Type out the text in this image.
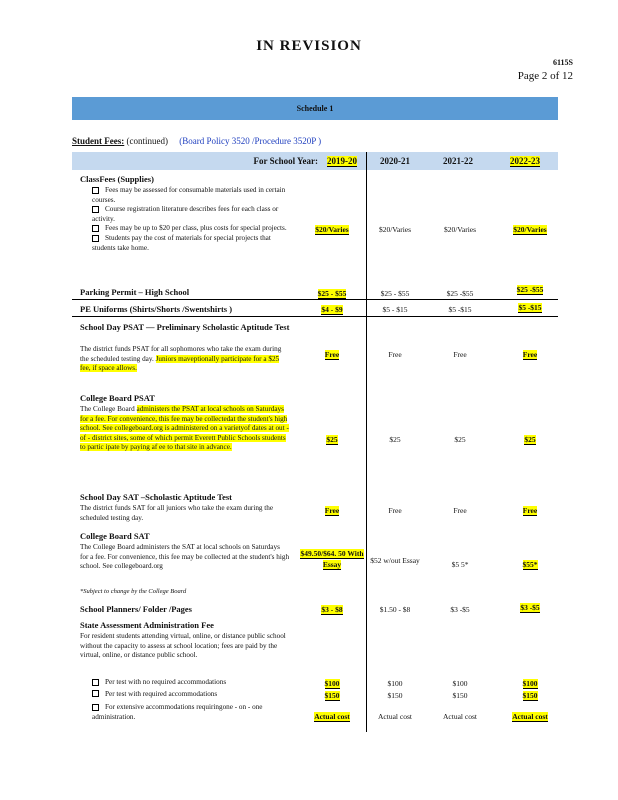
IN REVISION
6115S
Page 2 of 12
Schedule 1
Student Fees: (continued) (Board Policy 3520 /Procedure 3520P )
For School Year:	2019-20	2020-21	2021-22	2022-23
ClassFees (Supplies)
Fees may be assessed for consumable materials used in certain courses.
Course registration literature describes fees for each class or activity.
Fees may be up to $20 per class, plus costs for special projects.
Students pay the cost of materials for special projects that students take home.
$20/Varies	$20/Varies	$20/Varies	$20/Varies
Parking Permit – High School	$25 - $55	$25 - $55	$25 -$55	$25 -$55
PE Uniforms (Shirts/Shorts /Swentshirts )	$4 - $9	$5 - $15	$5 -$15	$5 -$15
School Day PSAT — Preliminary Scholastic Aptitude Test
The district funds PSAT for all sophomores who take the exam during the scheduled testing day. Juniors maveptionally participate for a $25 fee, if space allows.
Free	Free	Free	Free
College Board PSAT
The College Board administers the PSAT at local schools on Saturdays for a fee. For convenience, this fee may be collectedat the student's high school. See collegeboard.org is administered on a varietyof dates at out - of - district sites, some of which permit Everett Public Schools students to partic ipate by paying af ee to that site in advance.
$25	$25	$25	$25
School Day SAT –Scholastic Aptitude Test
The district funds SAT for all juniors who take the exam during the scheduled testing day.
Free	Free	Free	Free
College Board SAT
The College Board administers the SAT at local schools on Saturdays for a fee. For convenience, this fee may be collected at the student's high school. See collegeboard.org
*Subject to change by the College Board
$49.50/$64. 50 With Essay	$52 w/out Essay	$5 5*	$55*
School Planners/ Folder /Pages	$3 - $8	$1.50 - $8	$3 -$5	$3 -$5
State Assessment Administration Fee
For resident students attending virtual, online, or distance public school without the capacity to assess at school location; fees are paid by the virtual, online, or distance public school.
Per test with no required accommodations
Per test with required accommodations
For extensive accommodations requiringone - on - one administration.
$100	$100	$100	$100
$150	$150	$150	$150
Actual cost	Actual cost	Actual cost	Actual cost
